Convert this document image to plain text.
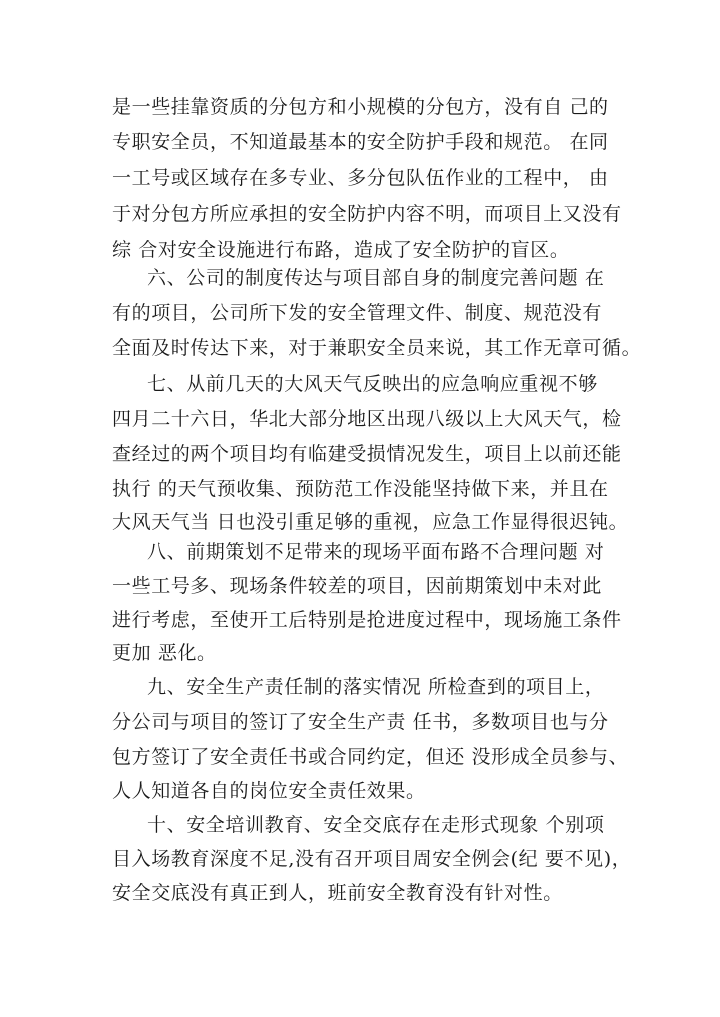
是一些挂靠资质的分包方和小规模的分包方，没有自 己的
专职安全员，不知道最基本的安全防护手段和规范。 在同
一工号或区域存在多专业、多分包队伍作业的工程中， 由
于对分包方所应承担的安全防护内容不明，而项目上又没有
综 合对安全设施进行布路，造成了安全防护的盲区。
六、公司的制度传达与项目部自身的制度完善问题 在
有的项目，公司所下发的安全管理文件、制度、规范没有
全面及时传达下来，对于兼职安全员来说，其工作无章可循。
七、从前几天的大风天气反映出的应急响应重视不够
四月二十六日，华北大部分地区出现八级以上大风天气，检
查经过的两个项目均有临建受损情况发生，项目上以前还能
执行 的天气预收集、预防范工作没能坚持做下来，并且在
大风天气当 日也没引重足够的重视，应急工作显得很迟钝。
八、前期策划不足带来的现场平面布路不合理问题 对
一些工号多、现场条件较差的项目，因前期策划中未对此
进行考虑，至使开工后特别是抢进度过程中，现场施工条件
更加 恶化。
九、安全生产责任制的落实情况 所检查到的项目上，
分公司与项目的签订了安全生产责 任书，多数项目也与分
包方签订了安全责任书或合同约定，但还 没形成全员参与、
人人知道各自的岗位安全责任效果。
十、安全培训教育、安全交底存在走形式现象 个别项
目入场教育深度不足,没有召开项目周安全例会(纪 要不见)，
安全交底没有真正到人，班前安全教育没有针对性。
